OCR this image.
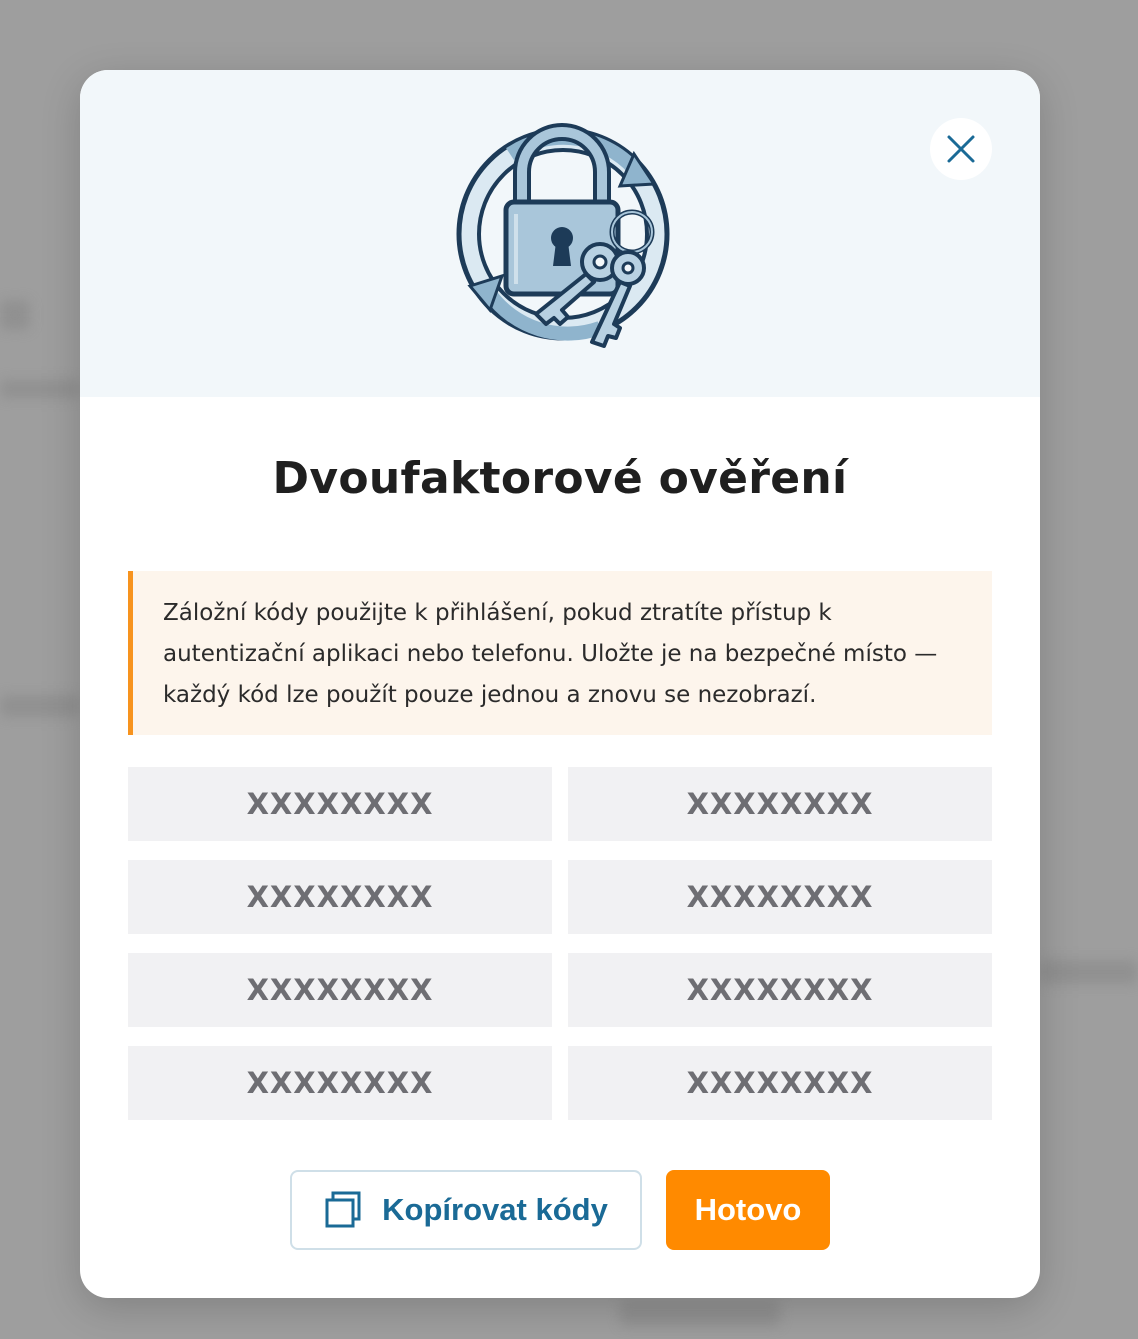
Dvoufaktorové ověření
Záložní kódy použijte k přihlášení, pokud ztratíte přístup k autentizační aplikaci nebo telefonu. Uložte je na bezpečné místo — každý kód lze použít pouze jednou a znovu se nezobrazí.
XXXXXXXX	XXXXXXXX
XXXXXXXX	XXXXXXXX
XXXXXXXX	XXXXXXXX
XXXXXXXX	XXXXXXXX
Kopírovat kódy	Hotovo
